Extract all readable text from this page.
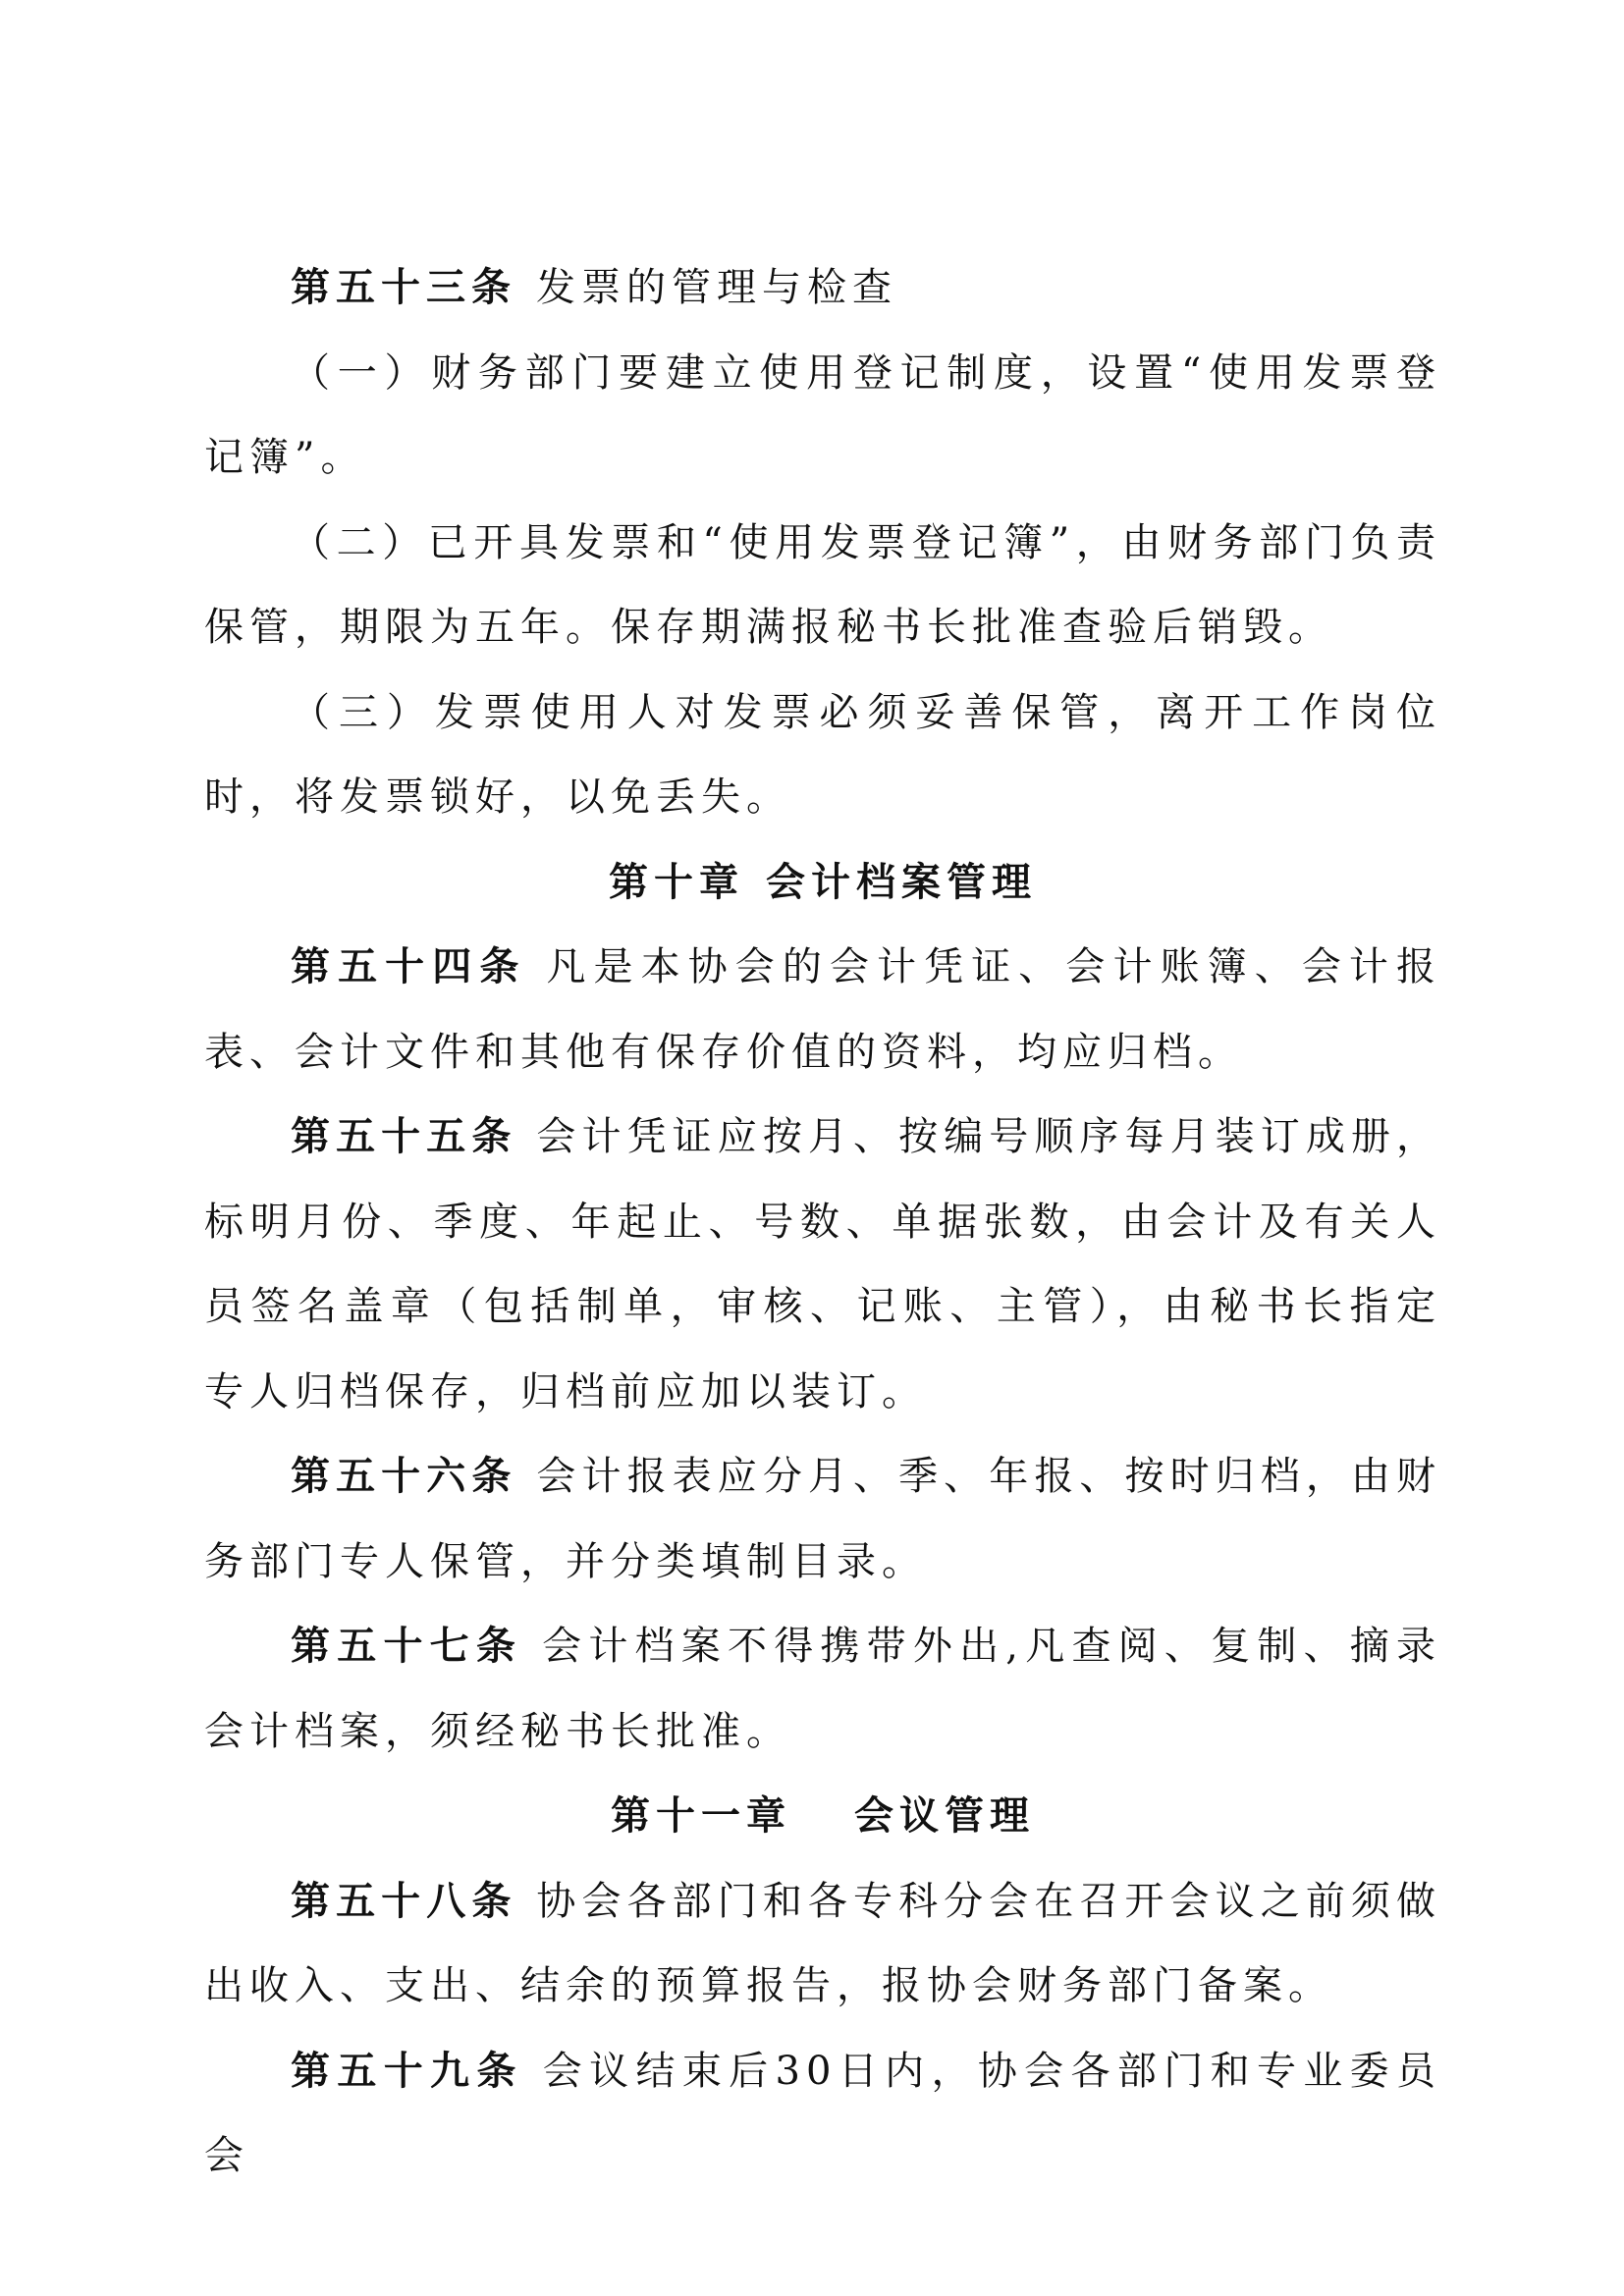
第五十三条 发票的管理与检查

（一）财务部门要建立使用登记制度，设置“使用发票登记簿”。

（二）已开具发票和“使用发票登记簿”，由财务部门负责保管，期限为五年。保存期满报秘书长批准查验后销毁。

（三）发票使用人对发票必须妥善保管，离开工作岗位时，将发票锁好，以免丢失。

第十章 会计档案管理

第五十四条 凡是本协会的会计凭证、会计账簿、会计报表、会计文件和其他有保存价值的资料，均应归档。

第五十五条 会计凭证应按月、按编号顺序每月装订成册，标明月份、季度、年起止、号数、单据张数，由会计及有关人员签名盖章（包括制单，审核、记账、主管），由秘书长指定专人归档保存，归档前应加以装订。

第五十六条 会计报表应分月、季、年报、按时归档，由财务部门专人保管，并分类填制目录。

第五十七条 会计档案不得携带外出,凡查阅、复制、摘录 会计档案，须经秘书长批准。

第十一章 会议管理

第五十八条 协会各部门和各专科分会在召开会议之前须做出收入、支出、结余的预算报告，报协会财务部门备案。

第五十九条 会议结束后30日内，协会各部门和专业委员会
